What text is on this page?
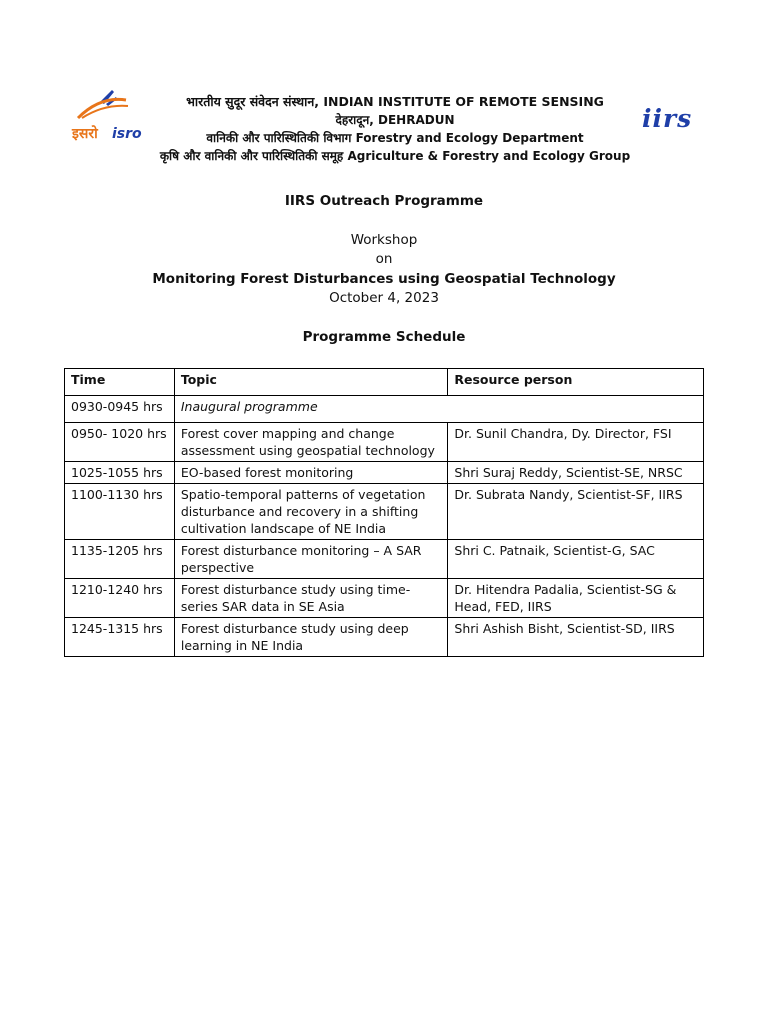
इसरो isro
iirs
भारतीय सुदूर संवेदन संस्थान, INDIAN INSTITUTE OF REMOTE SENSING
देहरादून, DEHRADUN
वानिकी और पारिस्थितिकी विभाग Forestry and Ecology Department
कृषि और वानिकी और पारिस्थितिकी समूह Agriculture & Forestry and Ecology Group
IIRS Outreach Programme
Workshop
on
Monitoring Forest Disturbances using Geospatial Technology
October 4, 2023
Programme Schedule
Time	Topic	Resource person
0930-0945 hrs	Inaugural programme	
0950- 1020 hrs	Forest cover mapping and change assessment using geospatial technology	Dr. Sunil Chandra, Dy. Director, FSI
1025-1055 hrs	EO-based forest monitoring	Shri Suraj Reddy, Scientist-SE, NRSC
1100-1130 hrs	Spatio-temporal patterns of vegetation disturbance and recovery in a shifting cultivation landscape of NE India	Dr. Subrata Nandy, Scientist-SF, IIRS
1135-1205 hrs	Forest disturbance monitoring – A SAR perspective	Shri C. Patnaik, Scientist-G, SAC
1210-1240 hrs	Forest disturbance study using time-series SAR data in SE Asia	Dr. Hitendra Padalia, Scientist-SG & Head, FED, IIRS
1245-1315 hrs	Forest disturbance study using deep learning in NE India	Shri Ashish Bisht, Scientist-SD, IIRS
